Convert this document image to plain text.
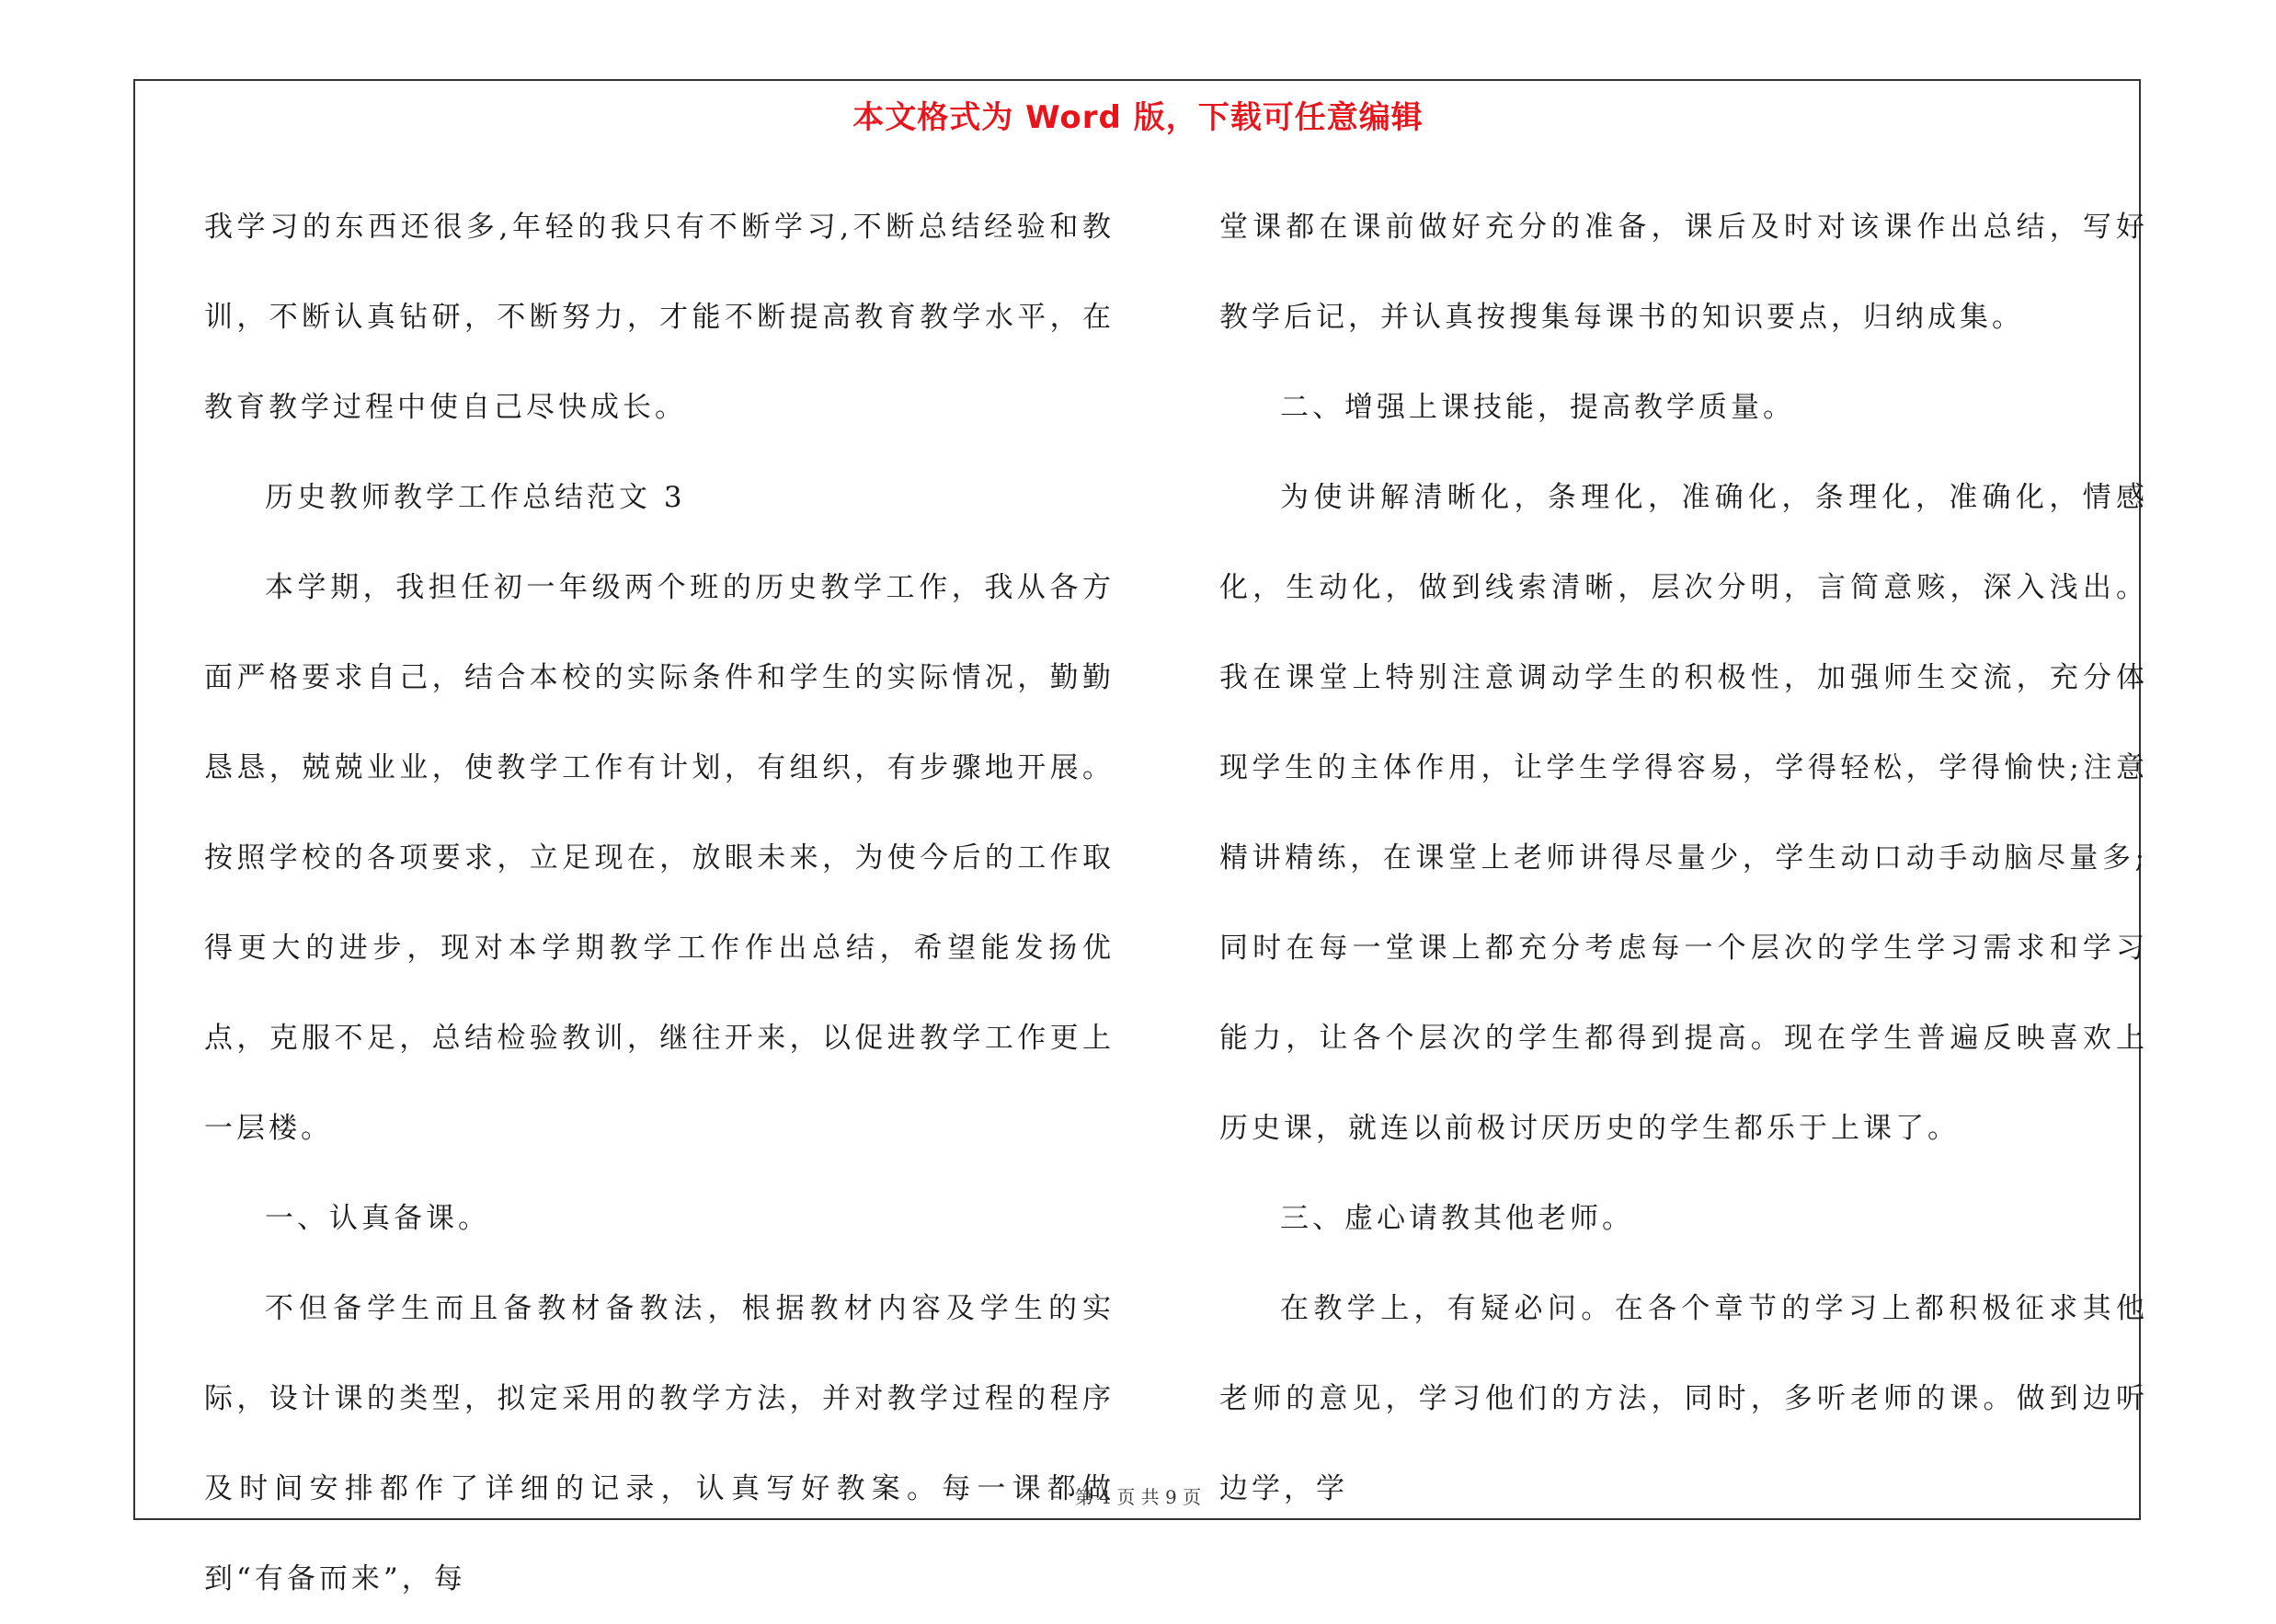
本文格式为 Word 版，下载可任意编辑

我学习的东西还很多,年轻的我只有不断学习,不断总结经验和教训，不断认真钻研，不断努力，才能不断提高教育教学水平，在教育教学过程中使自己尽快成长。

历史教师教学工作总结范文 3

本学期，我担任初一年级两个班的历史教学工作，我从各方面严格要求自己，结合本校的实际条件和学生的实际情况，勤勤恳恳，兢兢业业，使教学工作有计划，有组织，有步骤地开展。按照学校的各项要求，立足现在，放眼未来，为使今后的工作取得更大的进步，现对本学期教学工作作出总结，希望能发扬优点，克服不足，总结检验教训，继往开来，以促进教学工作更上一层楼。

一、认真备课。

不但备学生而且备教材备教法，根据教材内容及学生的实际，设计课的类型，拟定采用的教学方法，并对教学过程的程序及时间安排都作了详细的记录，认真写好教案。每一课都做到“有备而来”，每

堂课都在课前做好充分的准备，课后及时对该课作出总结，写好教学后记，并认真按搜集每课书的知识要点，归纳成集。

二、增强上课技能，提高教学质量。

为使讲解清晰化，条理化，准确化，条理化，准确化，情感化，生动化，做到线索清晰，层次分明，言简意赅，深入浅出。我在课堂上特别注意调动学生的积极性，加强师生交流，充分体现学生的主体作用，让学生学得容易，学得轻松，学得愉快;注意精讲精练，在课堂上老师讲得尽量少，学生动口动手动脑尽量多;同时在每一堂课上都充分考虑每一个层次的学生学习需求和学习能力，让各个层次的学生都得到提高。现在学生普遍反映喜欢上历史课，就连以前极讨厌历史的学生都乐于上课了。

三、虚心请教其他老师。

在教学上，有疑必问。在各个章节的学习上都积极征求其他老师的意见，学习他们的方法，同时，多听老师的课。做到边听边学，学

第 4 页 共 9 页
